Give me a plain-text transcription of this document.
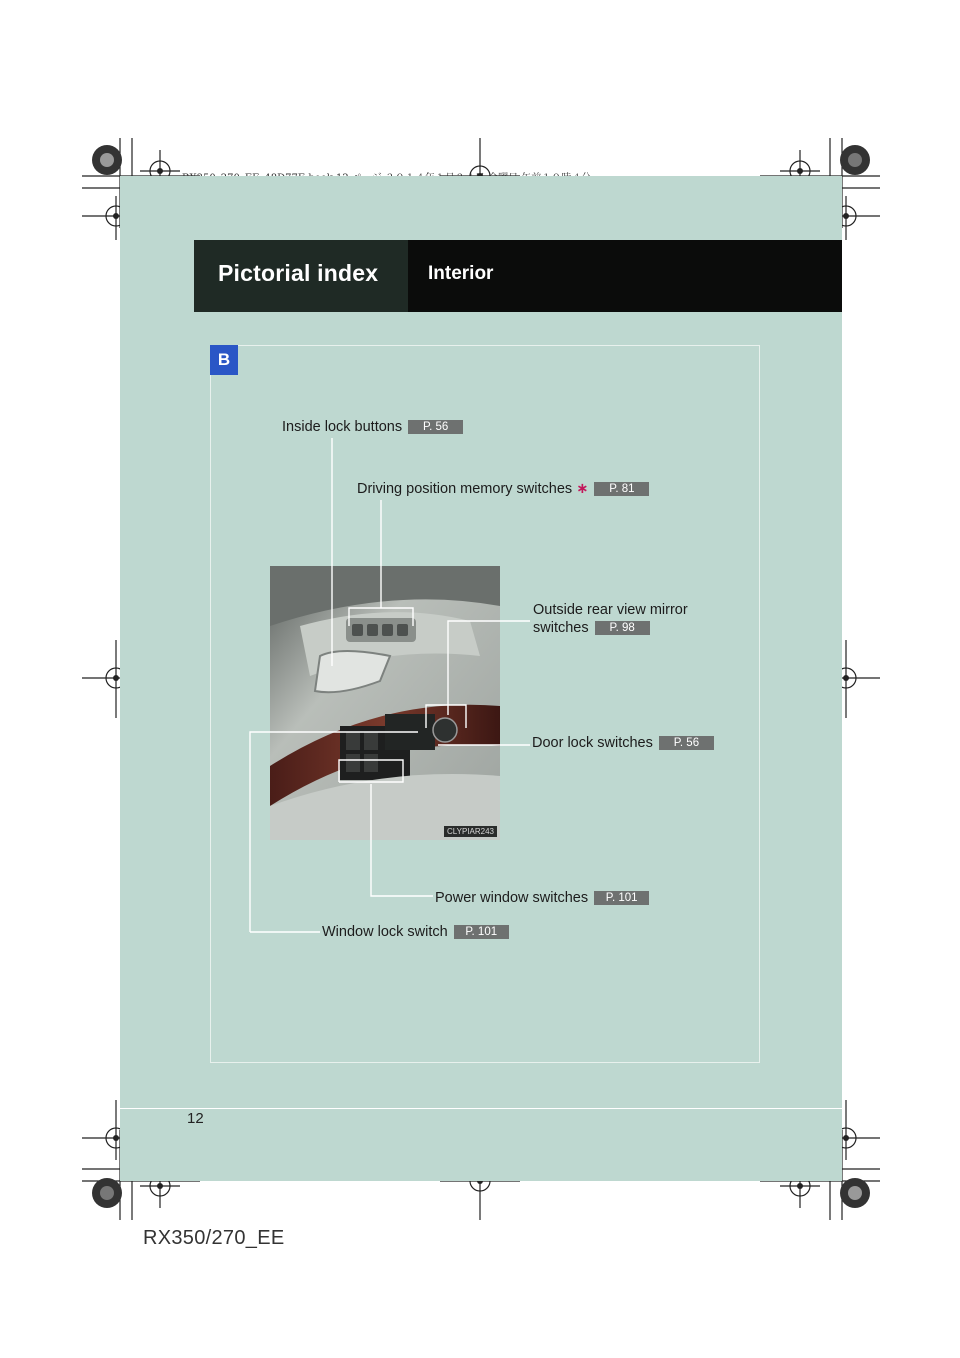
Pictorial index	Interior
B
CLYPIAR243
Inside lock buttons P. 56
Driving position memory switches ∗ P. 81
Outside rear view mirror
switches P. 98
Door lock switches P. 56
Power window switches P. 101
Window lock switch P. 101
12
RX350/270_EE
